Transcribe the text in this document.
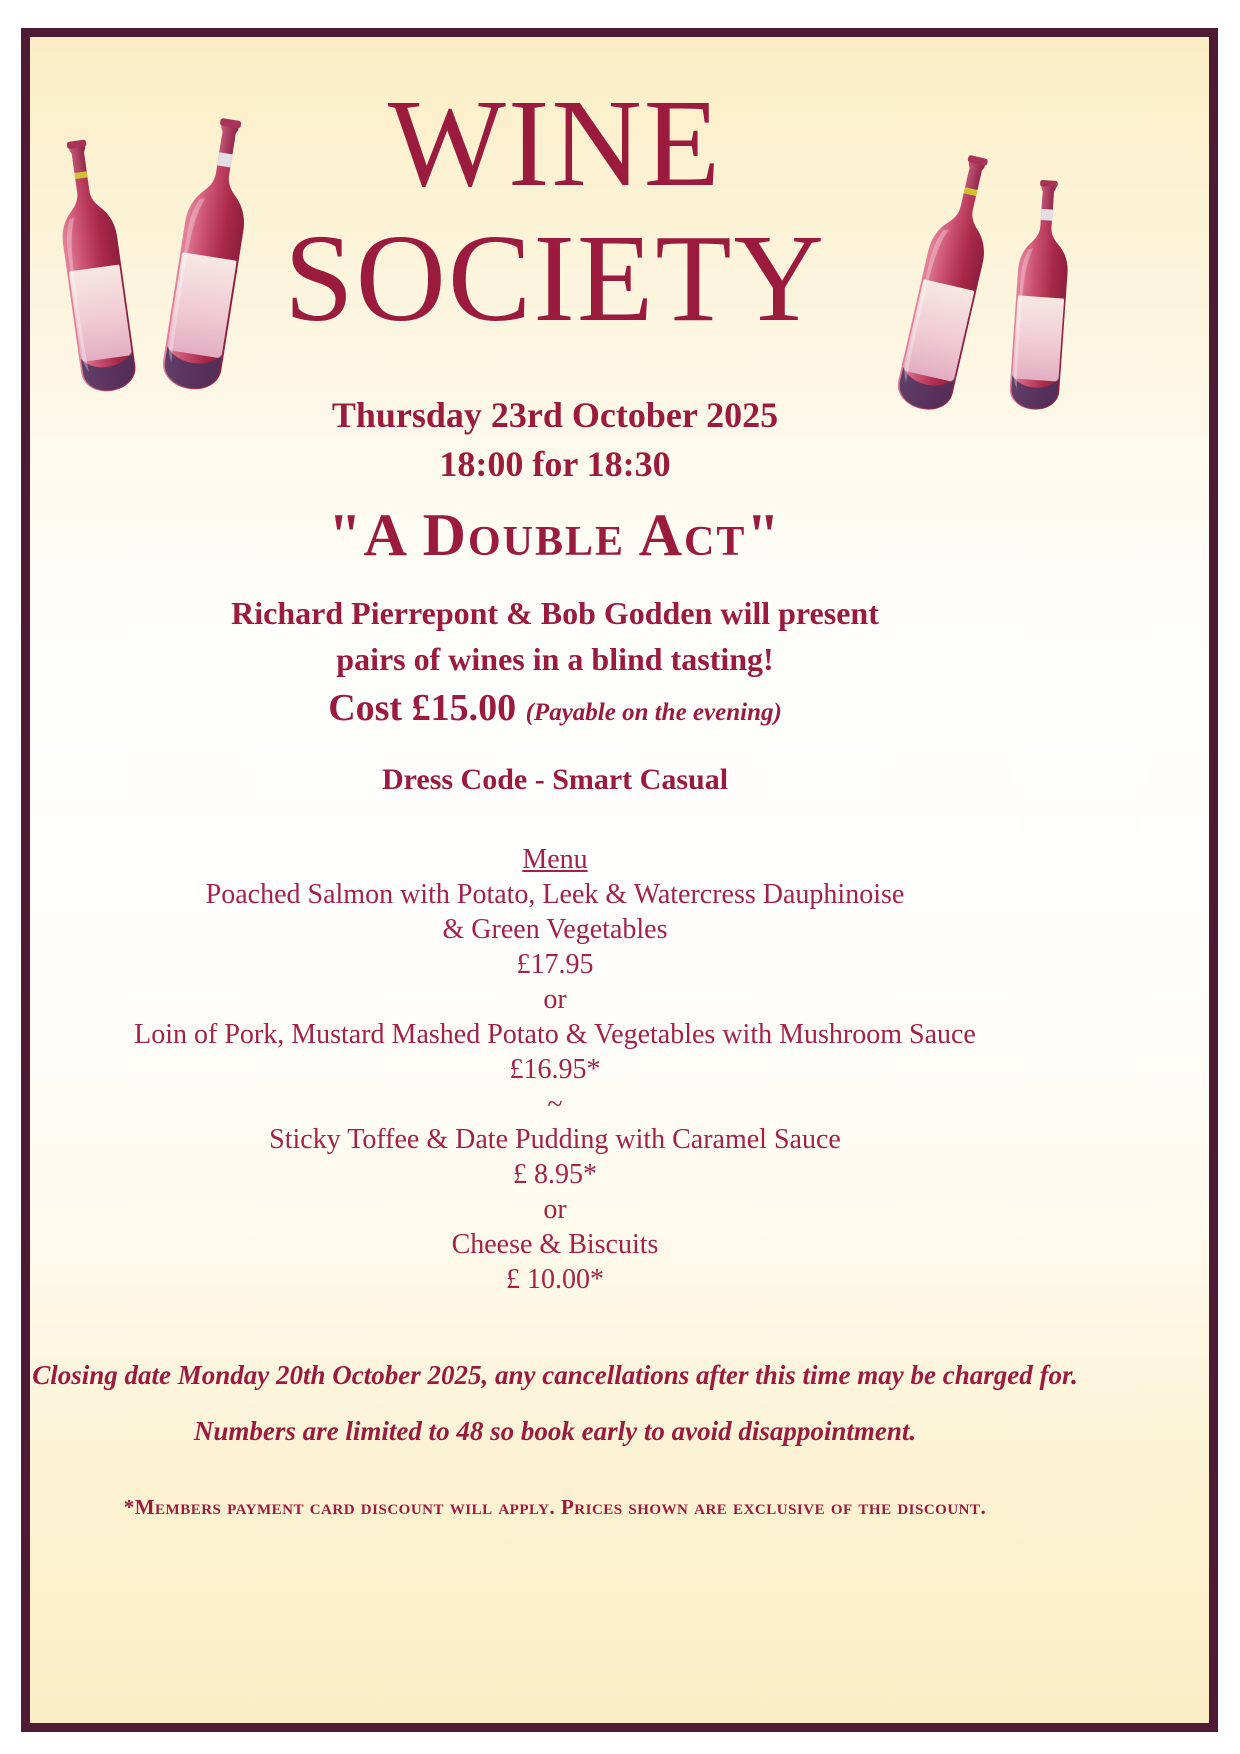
WINE
SOCIETY
Thursday 23rd October 2025
18:00 for 18:30
"A Double Act"
Richard Pierrepont & Bob Godden will present
pairs of wines in a blind tasting!
Cost £15.00 (Payable on the evening)
Dress Code - Smart Casual
Menu
Poached Salmon with Potato, Leek & Watercress Dauphinoise
& Green Vegetables
£17.95
or
Loin of Pork, Mustard Mashed Potato & Vegetables with Mushroom Sauce
£16.95*
~
Sticky Toffee & Date Pudding with Caramel Sauce
£ 8.95*
or
Cheese & Biscuits
£ 10.00*
Closing date Monday 20th October 2025, any cancellations after this time may be charged for.
Numbers are limited to 48 so book early to avoid disappointment.
*Members payment card discount will apply. Prices shown are exclusive of the discount.
